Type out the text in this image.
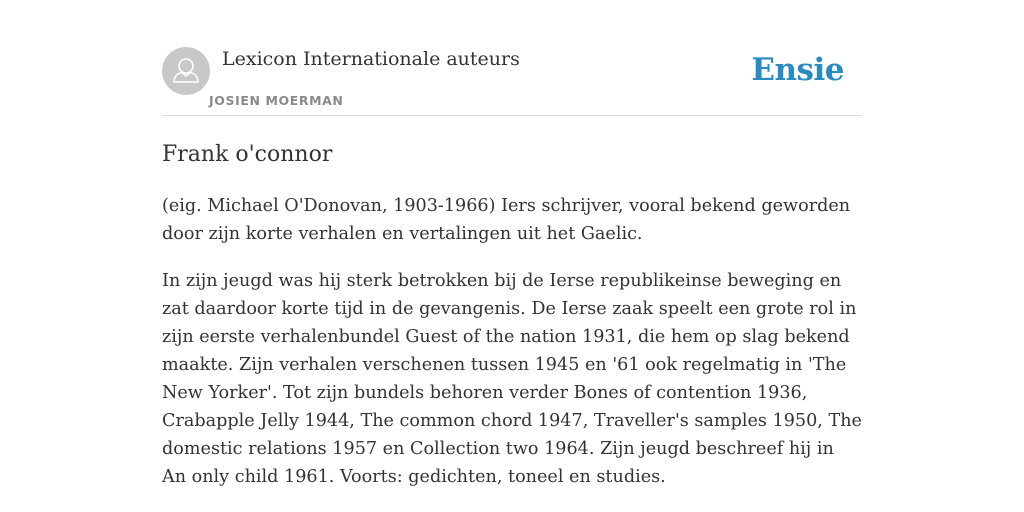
Lexicon Internationale auteurs
JOSIEN MOERMAN
Ensie
Frank o'connor

(eig. Michael O'Donovan, 1903-1966) Iers schrijver, vooral bekend geworden door zijn korte verhalen en vertalingen uit het Gaelic.

In zijn jeugd was hij sterk betrokken bij de Ierse republikeinse beweging en zat daardoor korte tijd in de gevangenis. De Ierse zaak speelt een grote rol in zijn eerste verhalenbundel Guest of the nation 1931, die hem op slag bekend maakte. Zijn verhalen verschenen tussen 1945 en '61 ook regelmatig in 'The New Yorker'. Tot zijn bundels behoren verder Bones of contention 1936, Crabapple Jelly 1944, The common chord 1947, Traveller's samples 1950, The domestic relations 1957 en Collection two 1964. Zijn jeugd beschreef hij in An only child 1961. Voorts: gedichten, toneel en studies.
